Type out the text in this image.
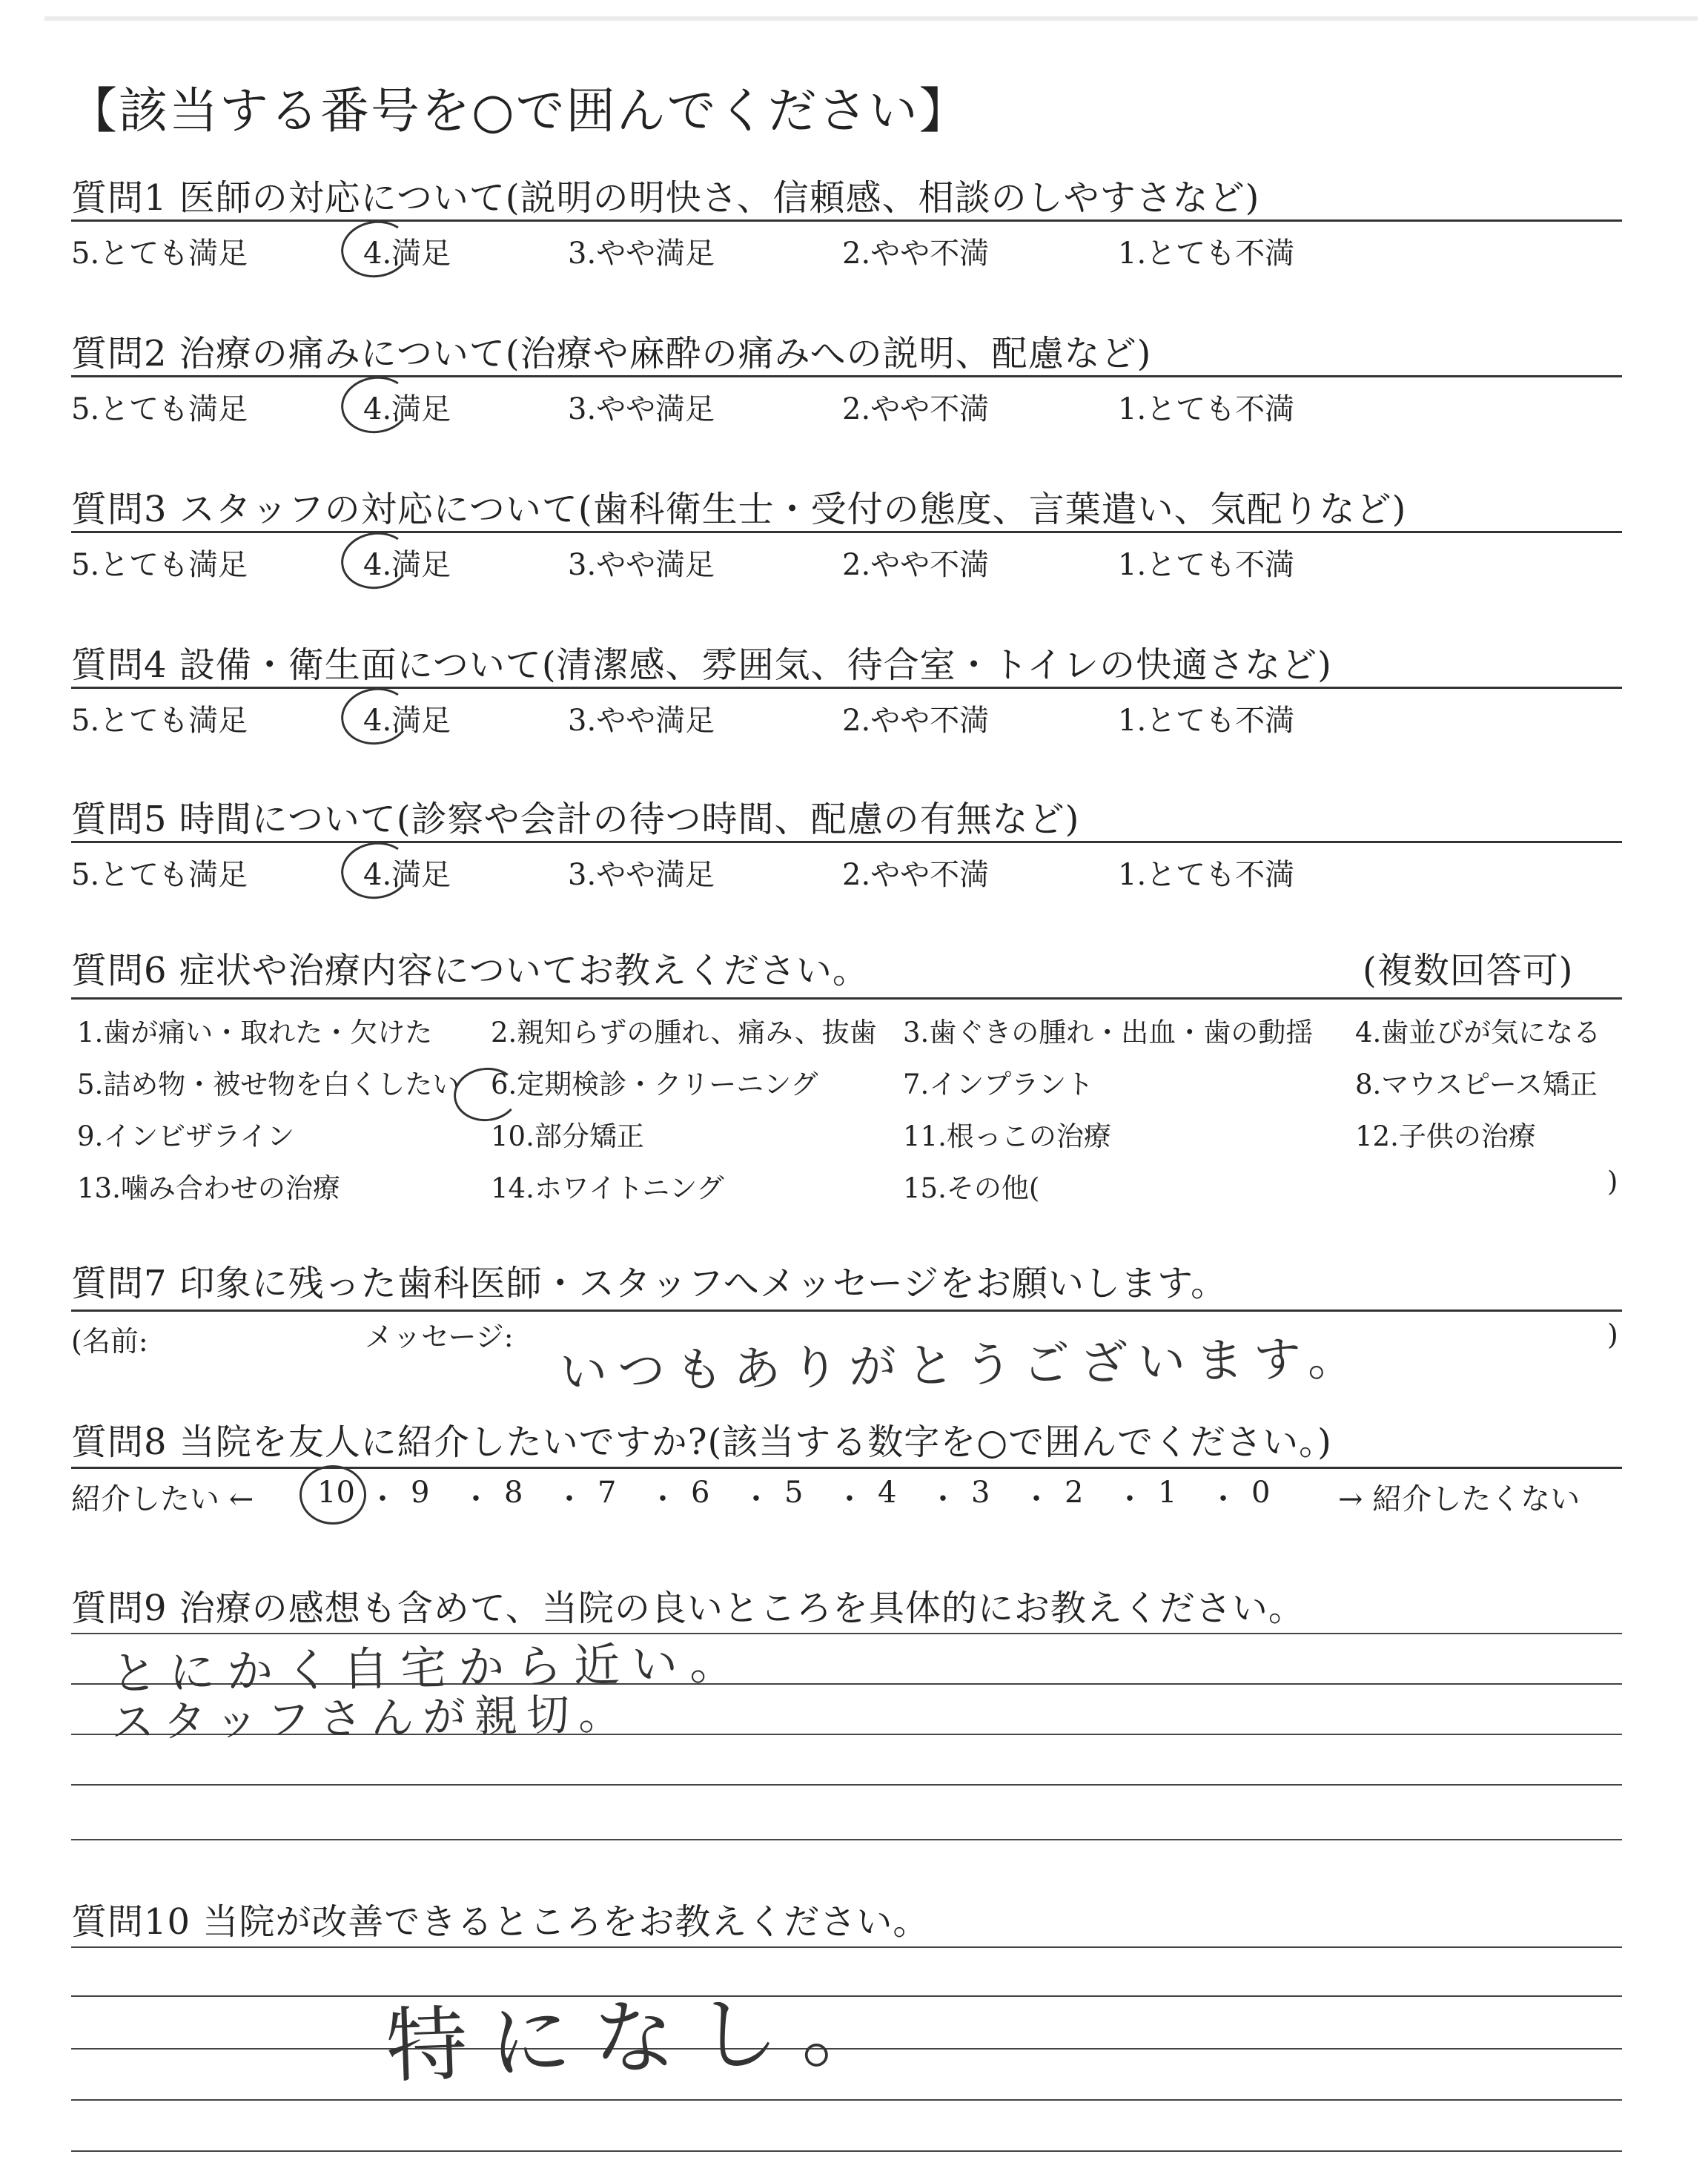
【該当する番号を○で囲んでください】
質問1 医師の対応について(説明の明快さ、信頼感、相談のしやすさなど)
5.とても満足	4.満足	3.やや満足	2.やや不満	1.とても不満
質問2 治療の痛みについて(治療や麻酔の痛みへの説明、配慮など)
5.とても満足	4.満足	3.やや満足	2.やや不満	1.とても不満
質問3 スタッフの対応について(歯科衛生士・受付の態度、言葉遣い、気配りなど)
5.とても満足	4.満足	3.やや満足	2.やや不満	1.とても不満
質問4 設備・衛生面について(清潔感、雰囲気、待合室・トイレの快適さなど)
5.とても満足	4.満足	3.やや満足	2.やや不満	1.とても不満
質問5 時間について(診察や会計の待つ時間、配慮の有無など)
5.とても満足	4.満足	3.やや満足	2.やや不満	1.とても不満
質問6 症状や治療内容についてお教えください。	(複数回答可)
1.歯が痛い・取れた・欠けた 2.親知らずの腫れ、痛み、抜歯 3.歯ぐきの腫れ・出血・歯の動揺 4.歯並びが気になる
5.詰め物・被せ物を白くしたい 6.定期検診・クリーニング	7.インプラント	8.マウスピース矯正
9.インビザライン	10.部分矯正	11.根っこの治療	12.子供の治療
13.噛み合わせの治療	14.ホワイトニング	15.その他(	)
質問7 印象に残った歯科医師・スタッフへメッセージをお願いします。
(名前:	メッセージ:	)
いつもありがとうございます。
質問8 当院を友人に紹介したいですか?(該当する数字を○で囲んでください。)
紹介したい ←	→ 紹介したくない
10 ・ 9 ・ 8 ・ 7 ・ 6 ・ 5 ・ 4 ・ 3 ・ 2 ・ 1 ・ 0
質問9 治療の感想も含めて、当院の良いところを具体的にお教えください。
とにかく自宅から近い。
スタッフさんが親切。
質問10 当院が改善できるところをお教えください。
特になし。
